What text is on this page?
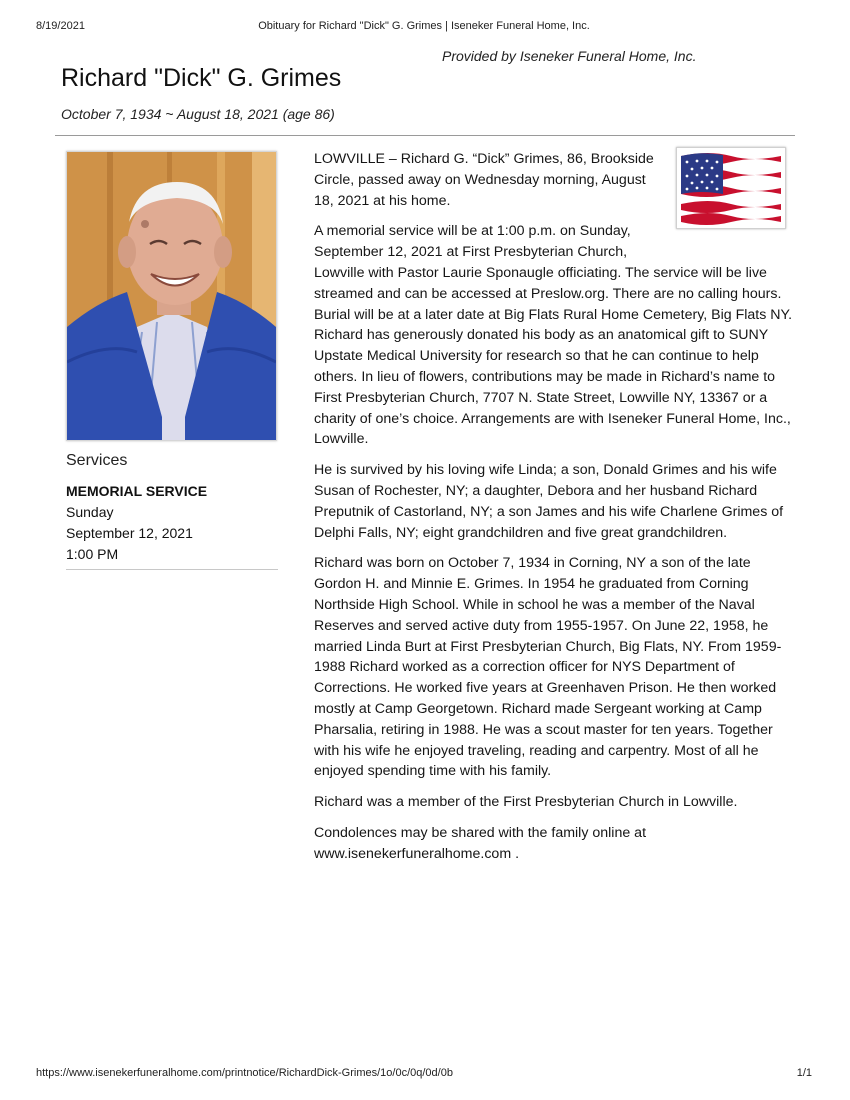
8/19/2021	Obituary for Richard "Dick" G. Grimes | Iseneker Funeral Home, Inc.
Provided by Iseneker Funeral Home, Inc.
Richard "Dick" G. Grimes
October 7, 1934 ~ August 18, 2021 (age 86)
Services
MEMORIAL SERVICE
Sunday
September 12, 2021
1:00 PM

LOWVILLE – Richard G. “Dick” Grimes, 86, Brookside Circle, passed away on Wednesday morning, August 18, 2021 at his home.

A memorial service will be at 1:00 p.m. on Sunday, September 12, 2021 at First Presbyterian Church,
Lowville with Pastor Laurie Sponaugle officiating. The service will be live streamed and can be accessed at Preslow.org. There are no calling hours. Burial will be at a later date at Big Flats Rural Home Cemetery, Big Flats NY. Richard has generously donated his body as an anatomical gift to SUNY Upstate Medical University for research so that he can continue to help others. In lieu of flowers, contributions may be made in Richard’s name to First Presbyterian Church, 7707 N. State Street, Lowville NY, 13367 or a charity of one’s choice. Arrangements are with Iseneker Funeral Home, Inc., Lowville.

He is survived by his loving wife Linda; a son, Donald Grimes and his wife Susan of Rochester, NY; a daughter, Debora and her husband Richard Preputnik of Castorland, NY; a son James and his wife Charlene Grimes of Delphi Falls, NY; eight grandchildren and five great grandchildren.

Richard was born on October 7, 1934 in Corning, NY a son of the late Gordon H. and Minnie E. Grimes. In 1954 he graduated from Corning Northside High School. While in school he was a member of the Naval Reserves and served active duty from 1955-1957. On June 22, 1958, he married Linda Burt at First Presbyterian Church, Big Flats, NY. From 1959-1988 Richard worked as a correction officer for NYS Department of Corrections. He worked five years at Greenhaven Prison. He then worked mostly at Camp Georgetown. Richard made Sergeant working at Camp Pharsalia, retiring in 1988. He was a scout master for ten years. Together with his wife he enjoyed traveling, reading and carpentry. Most of all he enjoyed spending time with his family.

Richard was a member of the First Presbyterian Church in Lowville.

Condolences may be shared with the family online at www.isenekerfuneralhome.com .

https://www.isenekerfuneralhome.com/printnotice/RichardDick-Grimes/1o/0c/0q/0d/0b	1/1
